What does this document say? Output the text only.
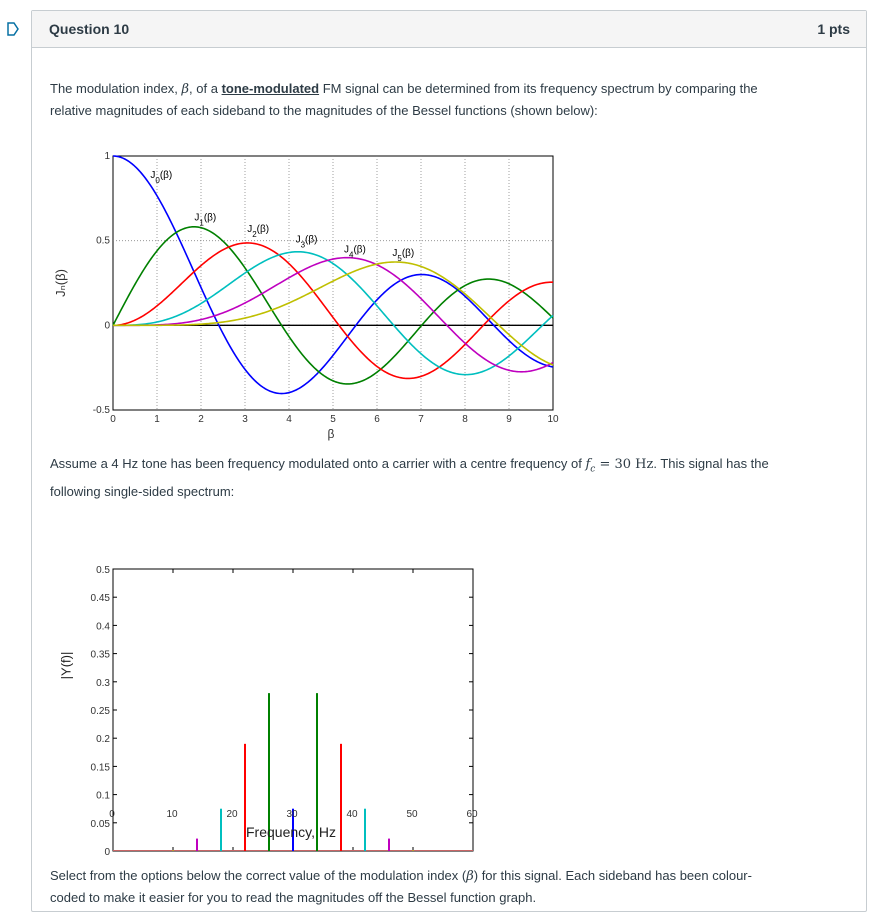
Question 10	1 pts

The modulation index, β, of a tone-modulated FM signal can be determined from its frequency spectrum by comparing the
relative magnitudes of each sideband to the magnitudes of the Bessel functions (shown below):

0	1	2	3	4	5	6	7	8	9	10
-0.5
0
0.5
1
β
Jₙ(β)
$J_0(\beta)$
$J_1(\beta)$
$J_2(\beta)$
$J_3(\beta)$
$J_4(\beta)$	$J_5(\beta)$

Assume a 4 Hz tone has been frequency modulated onto a carrier with a centre frequency of $f_c = 30$ Hz. This signal has the
following single-sided spectrum:

0
0.05
0.1
0.15
0.2
0.25
0.3
0.35
0.4
0.45
0.5

Select from the options below the correct value of the modulation index (β) for this signal. Each sideband has been colour-
coded to make it easier for you to read the magnitudes off the Bessel function graph.

0	10	20	30	40	50	60
Frequency, Hz
|Y(f)|
